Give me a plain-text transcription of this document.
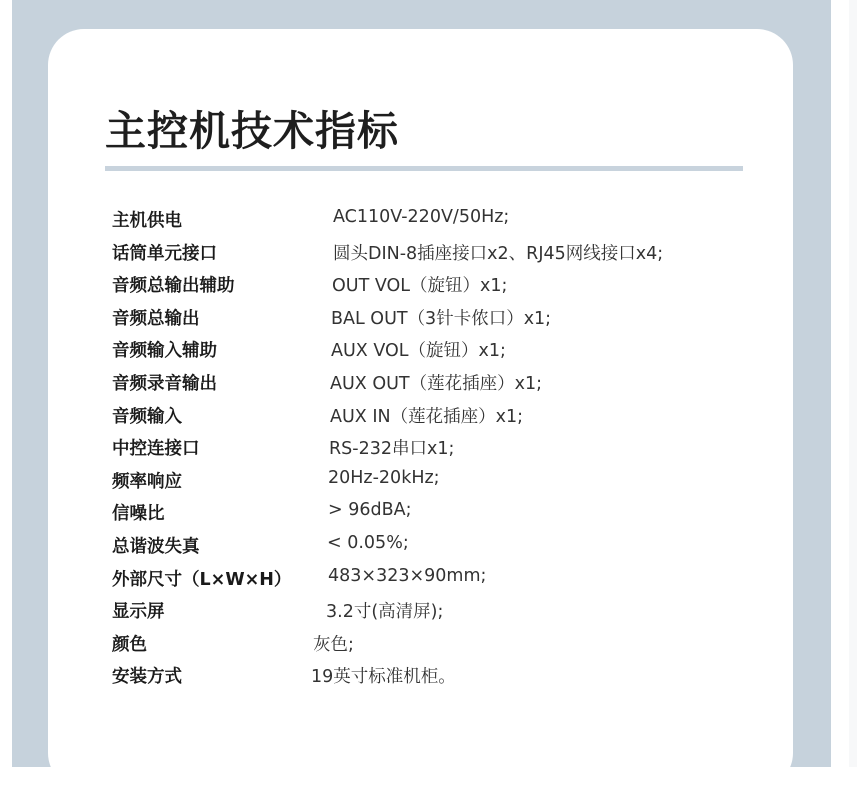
主控机技术指标
主机供电	AC110V-220V/50Hz;
话筒单元接口	圆头DIN-8插座接口x2、RJ45网线接口x4;
音频总输出辅助	OUT VOL（旋钮）x1;
音频总输出	BAL OUT（3针卡侬口）x1;
音频输入辅助	AUX VOL（旋钮）x1;
音频录音输出	AUX OUT（莲花插座）x1;
音频输入	AUX IN（莲花插座）x1;
中控连接口	RS-232串口x1;
频率响应	20Hz-20kHz;
信噪比	> 96dBA;
总谐波失真	< 0.05%;
外部尺寸（L×W×H） 483×323×90mm;
显示屏	3.2寸(高清屏);
颜色	灰色;
安装方式	19英寸标准机柜。
